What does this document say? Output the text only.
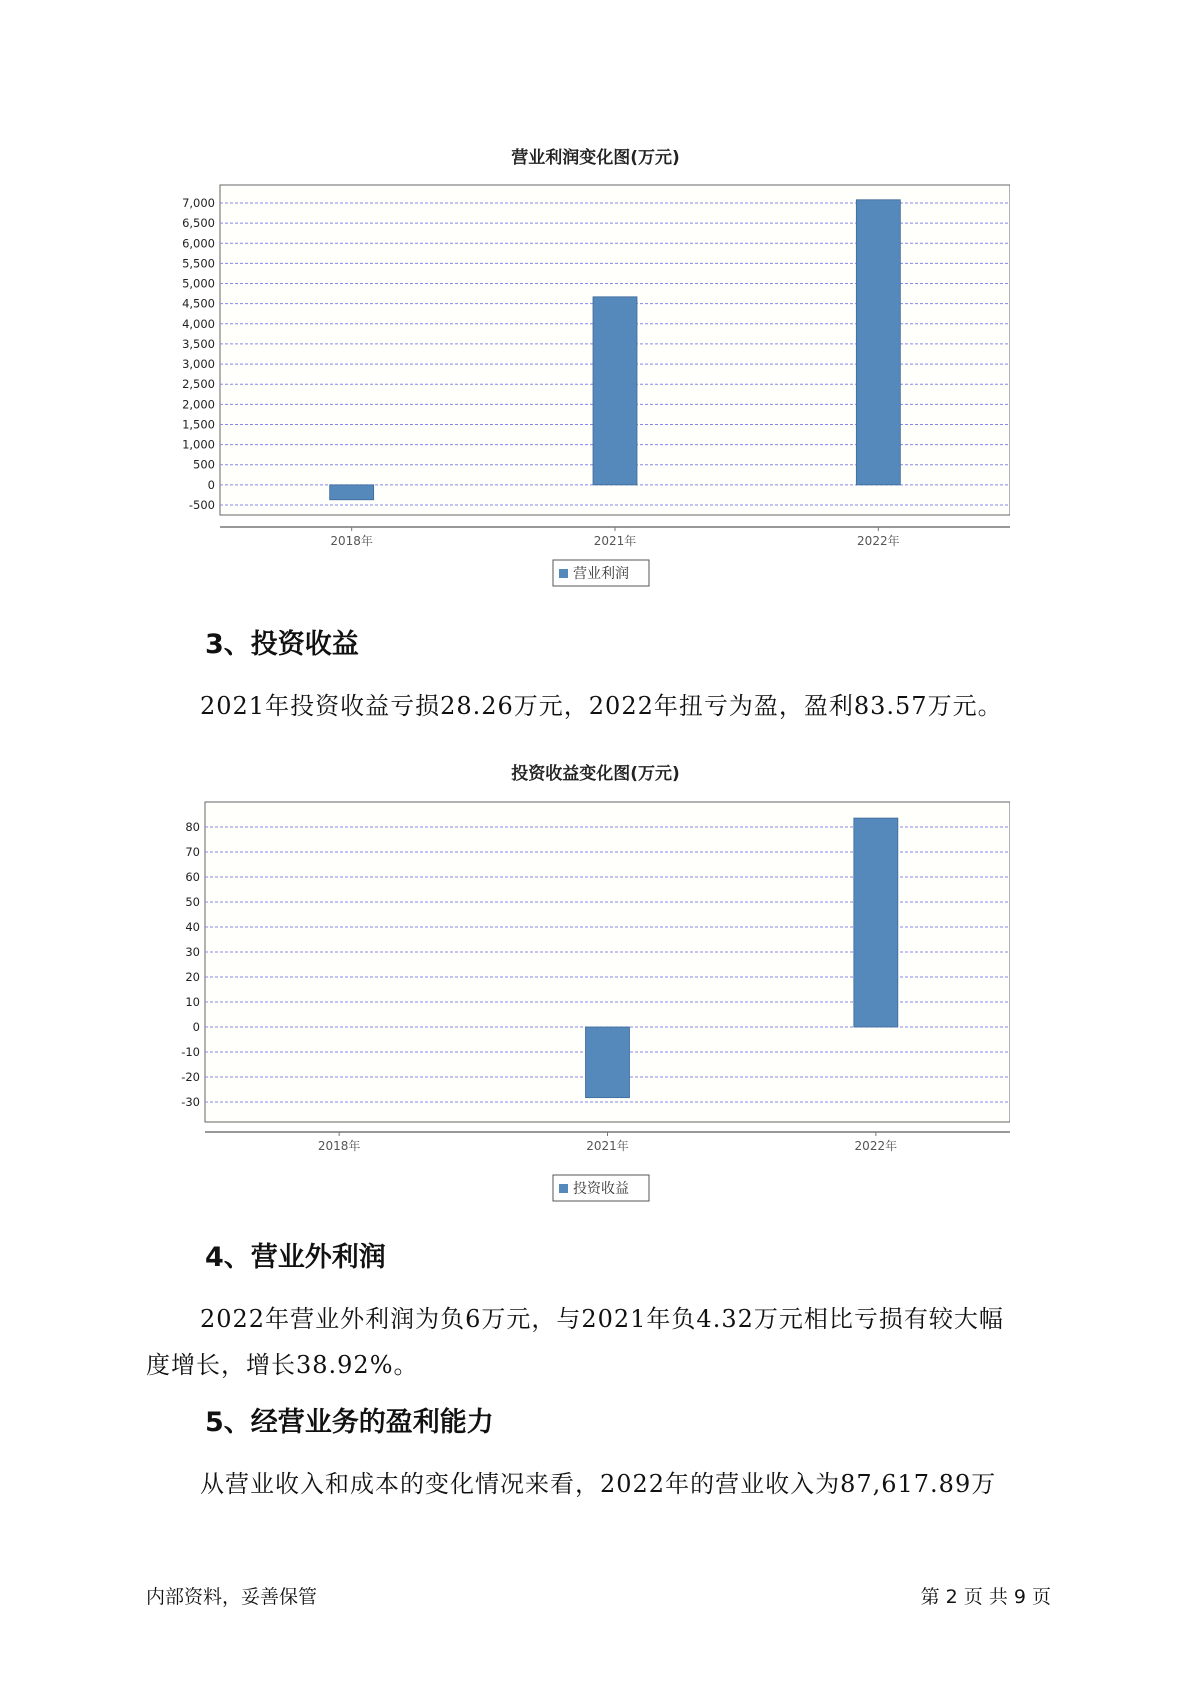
营业利润变化图(万元)
-500
0
500
1,000
1,500
2,000
2,500
3,000
3,500
4,000
4,500
5,000
5,500
6,000
6,500
7,000
2018年	2021年	2022年
营业利润
3、投资收益
2021年投资收益亏损28.26万元，2022年扭亏为盈，盈利83.57万元。
投资收益变化图(万元)
-30
-20
-10
0
10
20
30
40
50
60
70
80
2018年	2021年	2022年
投资收益
4、营业外利润
2022年营业外利润为负6万元，与2021年负4.32万元相比亏损有较大幅
度增长，增长38.92%。
5、经营业务的盈利能力
从营业收入和成本的变化情况来看，2022年的营业收入为87,617.89万
内部资料，妥善保管	第 2 页 共 9 页
